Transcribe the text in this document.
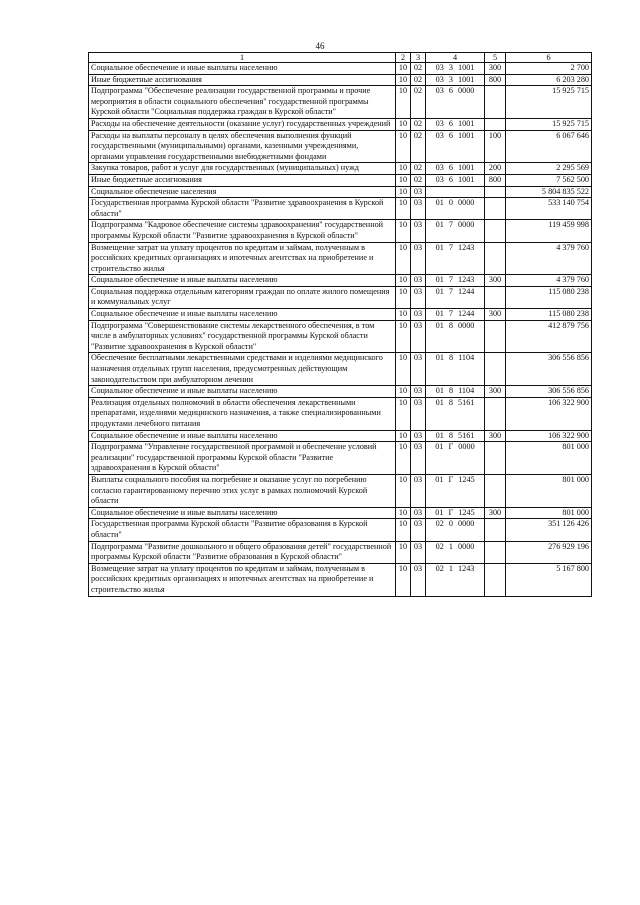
46
1	2	3	4	5	6
Социальное обеспечение и иные выплаты населению	10	02	03 3 1001	300	2 700
Иные бюджетные ассигнования	10	02	03 3 1001	800	6 203 280
Подпрограмма "Обеспечение реализации государственной программы и прочие мероприятия в области социального обеспечения" государственной программы Курской области "Социальная поддержка граждан в Курской области"	10	02	03 6 0000		15 925 715
Расходы на обеспечение деятельности (оказание услуг) государственных учреждений	10	02	03 6 1001		15 925 715
Расходы на выплаты персоналу в целях обеспечения выполнения функций государственными (муниципальными) органами, казенными учреждениями, органами управления государственными внебюджетными фондами	10	02	03 6 1001	100	6 067 646
Закупка товаров, работ и услуг для государственных (муниципальных) нужд	10	02	03 6 1001	200	2 295 569
Иные бюджетные ассигнования	10	02	03 6 1001	800	7 562 500
Социальное обеспечение населения	10	03			5 804 835 522
Государственная программа Курской области "Развитие здравоохранения в Курской области"	10	03	01 0 0000		533 140 754
Подпрограмма "Кадровое обеспечение системы здравоохранения" государственной программы Курской области "Развитие здравоохранения в Курской области"	10	03	01 7 0000		119 459 998
Возмещение затрат на уплату процентов по кредитам и займам, полученным в российских кредитных организациях и ипотечных агентствах на приобретение и строительство жилья	10	03	01 7 1243		4 379 760
Социальное обеспечение и иные выплаты населению	10	03	01 7 1243	300	4 379 760
Социальная поддержка отдельным категориям граждан по оплате жилого помещения и коммунальных услуг	10	03	01 7 1244		115 080 238
Социальное обеспечение и иные выплаты населению	10	03	01 7 1244	300	115 080 238
Подпрограмма "Совершенствование системы лекарственного обеспечения, в том числе в амбулаторных условиях" государственной программы Курской области "Развитие здравоохранения в Курской области"	10	03	01 8 0000		412 879 756
Обеспечение бесплатными лекарственными средствами и изделиями медицинского назначения отдельных групп населения, предусмотренных действующим законодательством при амбулаторном лечении	10	03	01 8 1104		306 556 856
Социальное обеспечение и иные выплаты населению	10	03	01 8 1104	300	306 556 856
Реализация отдельных полномочий в области обеспечения лекарственными препаратами, изделиями медицинского назначения, а также специализированными продуктами лечебного питания	10	03	01 8 5161		106 322 900
Социальное обеспечение и иные выплаты населению	10	03	01 8 5161	300	106 322 900
Подпрограмма "Управление государственной программой и обеспечение условий реализации" государственной программы Курской области "Развитие здравоохранения в Курской области"	10	03	01 Г 0000		801 000
Выплаты социального пособия на погребение и оказание услуг по погребению согласно гарантированному перечню этих услуг в рамках полномочий Курской области	10	03	01 Г 1245		801 000
Социальное обеспечение и иные выплаты населению	10	03	01 Г 1245	300	801 000
Государственная программа Курской области "Развитие образования в Курской области"	10	03	02 0 0000		351 126 426
Подпрограмма "Развитие дошкольного и общего образования детей" государственной программы Курской области "Развитие образования в Курской области"	10	03	02 1 0000		276 929 196
Возмещение затрат на уплату процентов по кредитам и займам, полученным в российских кредитных организациях и ипотечных агентствах на приобретение и строительство жилья	10	03	02 1 1243		5 167 800
